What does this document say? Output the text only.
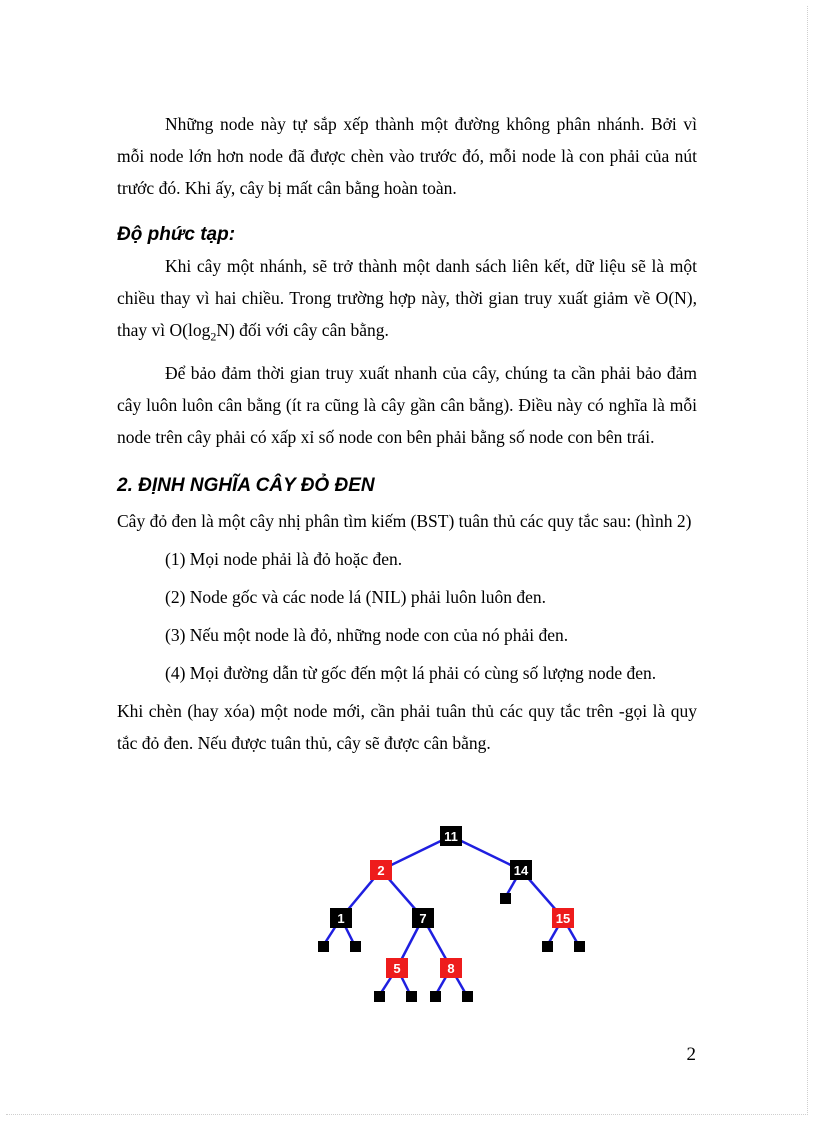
Những node này tự sắp xếp thành một đường không phân nhánh. Bởi vì mỗi node lớn hơn node đã được chèn vào trước đó, mỗi node là con phải của nút trước đó. Khi ấy, cây bị mất cân bằng hoàn toàn.

Độ phức tạp:

Khi cây một nhánh, sẽ trở thành một danh sách liên kết, dữ liệu sẽ là một chiều thay vì hai chiều. Trong trường hợp này, thời gian truy xuất giảm về O(N), thay vì $O(\log_2N)$ đối với cây cân bằng.

Để bảo đảm thời gian truy xuất nhanh của cây, chúng ta cần phải bảo đảm cây luôn luôn cân bằng (ít ra cũng là cây gần cân bằng). Điều này có nghĩa là mỗi node trên cây phải có xấp xỉ số node con bên phải bằng số node con bên trái.

2. ĐỊNH NGHĨA CÂY ĐỎ ĐEN

Cây đỏ đen là một cây nhị phân tìm kiếm (BST) tuân thủ các quy tắc sau: (hình 2)

(1) Mọi node phải là đỏ hoặc đen.

(2) Node gốc và các node lá (NIL) phải luôn luôn đen.

(3) Nếu một node là đỏ, những node con của nó phải đen.

(4) Mọi đường dẫn từ gốc đến một lá phải có cùng số lượng node đen.

Khi chèn (hay xóa) một node mới, cần phải tuân thủ các quy tắc trên -gọi là quy tắc đỏ đen. Nếu được tuân thủ, cây sẽ được cân bằng.

11
2	14
1	7	15
5	8
2
